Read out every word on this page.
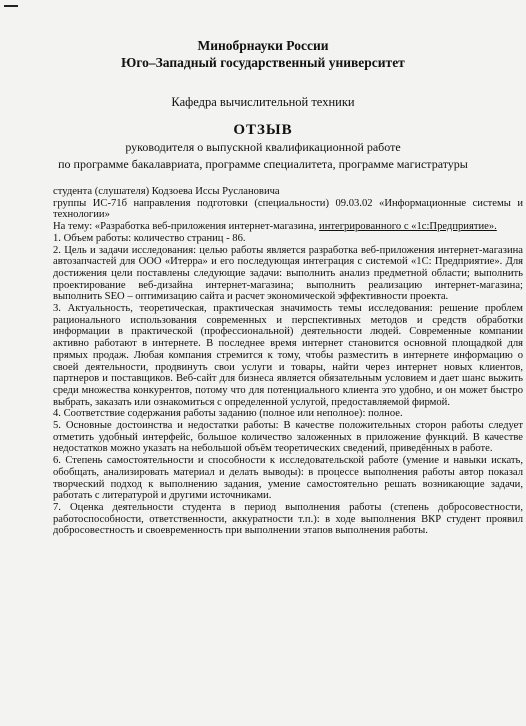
Минобрнауки России
Юго–Западный государственный университет
Кафедра вычислительной техники
ОТЗЫВ
руководителя о выпускной квалификационной работе
по программе бакалавриата, программе специалитета, программе магистратуры

студента (слушателя) Кодзоева Иссы Руслановича

группы ИС-71б направления подготовки (специальности) 09.03.02 «Информационные системы и технологии»

На тему: «Разработка веб-приложения интернет-магазина, интегрированного с «1с:Предприятие».

1. Объем работы: количество страниц - 86.

2. Цель и задачи исследования: целью работы является разработка веб-приложения интернет-магазина автозапчастей для ООО «Итерра» и его последующая интеграция с системой «1С: Предприятие». Для достижения цели поставлены следующие задачи: выполнить анализ предметной области; выполнить проектирование веб-дизайна интернет-магазина; выполнить реализацию интернет-магазина; выполнить SEO – оптимизацию сайта и расчет экономической эффективности проекта.

3. Актуальность, теоретическая, практическая значимость темы исследования: решение проблем рационального использования современных и перспективных методов и средств обработки информации в практической (профессиональной) деятельности людей. Современные компании активно работают в интернете. В последнее время интернет становится основной площадкой для прямых продаж. Любая компания стремится к тому, чтобы разместить в интернете информацию о своей деятельности, продвинуть свои услуги и товары, найти через интернет новых клиентов, партнеров и поставщиков. Веб-сайт для бизнеса является обязательным условием и дает шанс выжить среди множества конкурентов, потому что для потенциального клиента это удобно, и он может быстро выбрать, заказать или ознакомиться с определенной услугой, предоставляемой фирмой.

4. Соответствие содержания работы заданию (полное или неполное): полное.

5. Основные достоинства и недостатки работы: В качестве положительных сторон работы следует отметить удобный интерфейс, большое количество заложенных в приложение функций. В качестве недостатков можно указать на небольшой объём теоретических сведений, приведённых в работе.

6. Степень самостоятельности и способности к исследовательской работе (умение и навыки искать, обобщать, анализировать материал и делать выводы): в процессе выполнения работы автор показал творческий подход к выполнению задания, умение самостоятельно решать возникающие задачи, работать с литературой и другими источниками.

7. Оценка деятельности студента в период выполнения работы (степень добросовестности, работоспособности, ответственности, аккуратности т.п.): в ходе выполнения ВКР студент проявил добросовестность и своевременность при выполнении этапов выполнения работы.
